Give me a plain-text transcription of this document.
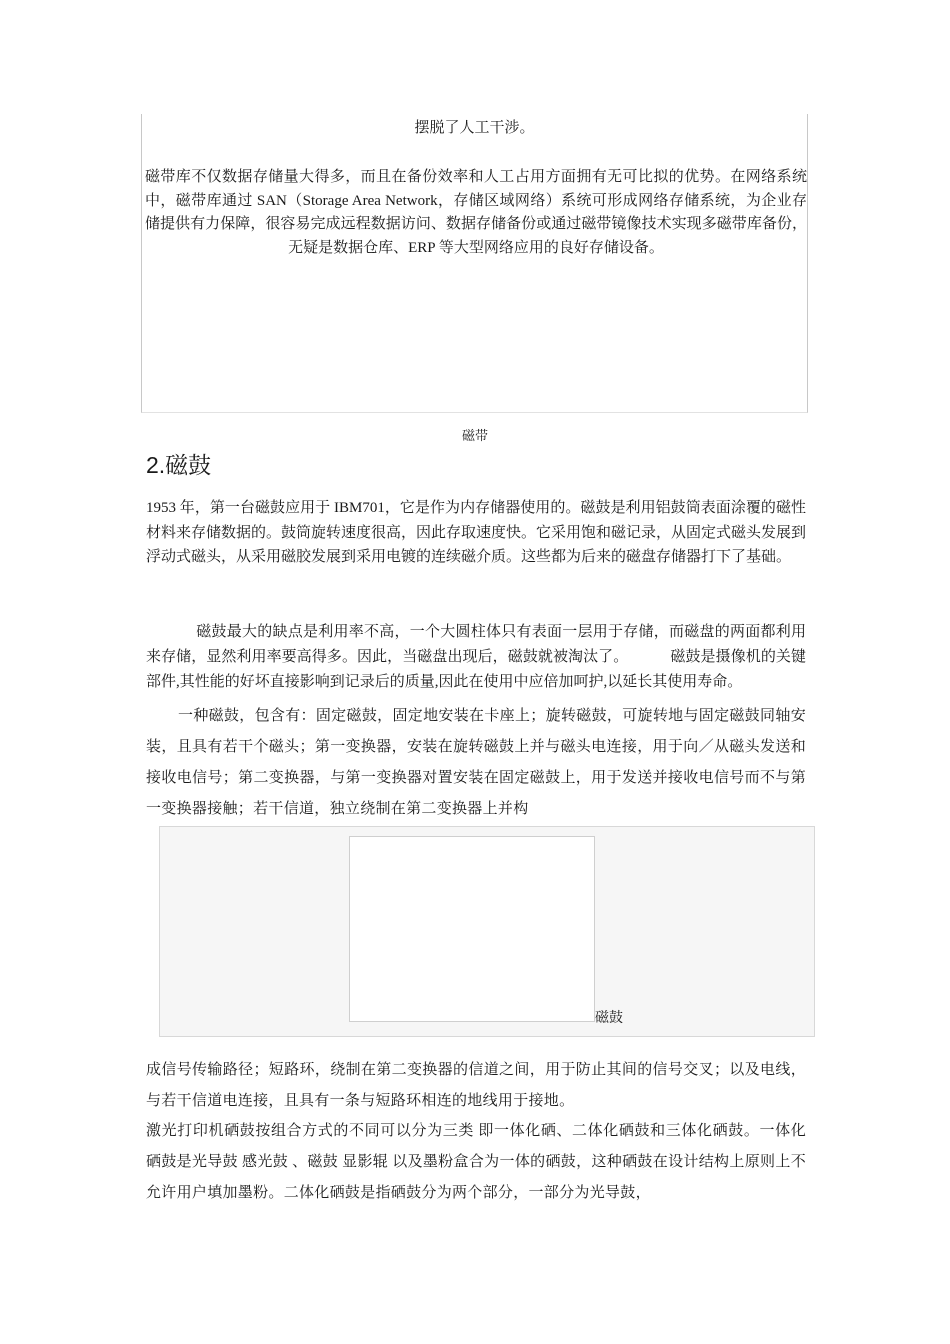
摆脱了人工干涉。
磁带库不仅数据存储量大得多，而且在备份效率和人工占用方面拥有无可比拟的优势。在网络系统中，磁带库通过 SAN（Storage Area Network，存储区域网络）系统可形成网络存储系统，为企业存储提供有力保障，很容易完成远程数据访问、数据存储备份或通过磁带镜像技术实现多磁带库备份，无疑是数据仓库、ERP 等大型网络应用的良好存储设备。
磁带
2.磁鼓
1953 年，第一台磁鼓应用于 IBM701，它是作为内存储器使用的。磁鼓是利用铝鼓筒表面涂覆的磁性材料来存储数据的。鼓筒旋转速度很高，因此存取速度快。它采用饱和磁记录，从固定式磁头发展到浮动式磁头，从采用磁胶发展到采用电镀的连续磁介质。这些都为后来的磁盘存储器打下了基础。
磁鼓最大的缺点是利用率不高，一个大圆柱体只有表面一层用于存储，而磁盘的两面都利用来存储，显然利用率要高得多。因此，当磁盘出现后，磁鼓就被淘汰了。	磁鼓是摄像机的关键部件,其性能的好坏直接影响到记录后的质量,因此在使用中应倍加呵护,以延长其使用寿命。
一种磁鼓，包含有：固定磁鼓，固定地安装在卡座上；旋转磁鼓，可旋转地与固定磁鼓同轴安装，且具有若干个磁头；第一变换器，安装在旋转磁鼓上并与磁头电连接，用于向／从磁头发送和接收电信号；第二变换器，与第一变换器对置安装在固定磁鼓上，用于发送并接收电信号而不与第一变换器接触；若干信道，独立绕制在第二变换器上并构
磁鼓
成信号传输路径；短路环，绕制在第二变换器的信道之间，用于防止其间的信号交叉；以及电线，与若干信道电连接，且具有一条与短路环相连的地线用于接地。
激光打印机硒鼓按组合方式的不同可以分为三类 即一体化硒、二体化硒鼓和三体化硒鼓。一体化硒鼓是光导鼓 感光鼓 、磁鼓 显影辊 以及墨粉盒合为一体的硒鼓，这种硒鼓在设计结构上原则上不允许用户填加墨粉。二体化硒鼓是指硒鼓分为两个部分，一部分为光导鼓，
